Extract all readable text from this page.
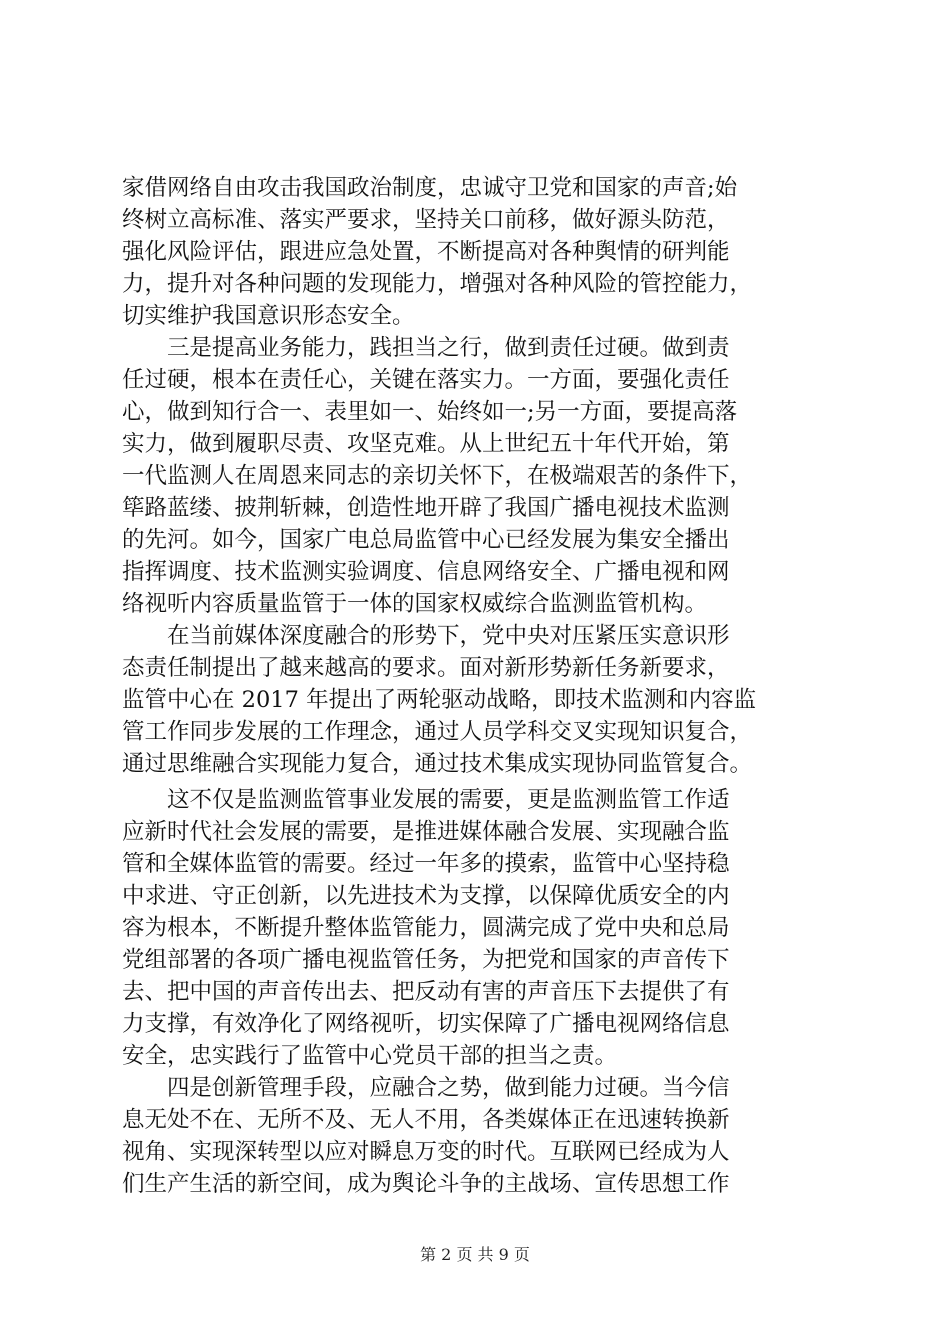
家借网络自由攻击我国政治制度，忠诚守卫党和国家的声音;始
终树立高标准、落实严要求，坚持关口前移，做好源头防范，
强化风险评估，跟进应急处置，不断提高对各种舆情的研判能
力，提升对各种问题的发现能力，增强对各种风险的管控能力，
切实维护我国意识形态安全。
　　三是提高业务能力，践担当之行，做到责任过硬。做到责
任过硬，根本在责任心，关键在落实力。一方面，要强化责任
心，做到知行合一、表里如一、始终如一;另一方面，要提高落
实力，做到履职尽责、攻坚克难。从上世纪五十年代开始，第
一代监测人在周恩来同志的亲切关怀下，在极端艰苦的条件下，
筚路蓝缕、披荆斩棘，创造性地开辟了我国广播电视技术监测
的先河。如今，国家广电总局监管中心已经发展为集安全播出
指挥调度、技术监测实验调度、信息网络安全、广播电视和网
络视听内容质量监管于一体的国家权威综合监测监管机构。
　　在当前媒体深度融合的形势下，党中央对压紧压实意识形
态责任制提出了越来越高的要求。面对新形势新任务新要求，
监管中心在 2017 年提出了两轮驱动战略，即技术监测和内容监
管工作同步发展的工作理念，通过人员学科交叉实现知识复合，
通过思维融合实现能力复合，通过技术集成实现协同监管复合。
　　这不仅是监测监管事业发展的需要，更是监测监管工作适
应新时代社会发展的需要，是推进媒体融合发展、实现融合监
管和全媒体监管的需要。经过一年多的摸索，监管中心坚持稳
中求进、守正创新，以先进技术为支撑，以保障优质安全的内
容为根本，不断提升整体监管能力，圆满完成了党中央和总局
党组部署的各项广播电视监管任务，为把党和国家的声音传下
去、把中国的声音传出去、把反动有害的声音压下去提供了有
力支撑，有效净化了网络视听，切实保障了广播电视网络信息
安全，忠实践行了监管中心党员干部的担当之责。
　　四是创新管理手段，应融合之势，做到能力过硬。当今信
息无处不在、无所不及、无人不用，各类媒体正在迅速转换新
视角、实现深转型以应对瞬息万变的时代。互联网已经成为人
们生产生活的新空间，成为舆论斗争的主战场、宣传思想工作
第 2 页 共 9 页
